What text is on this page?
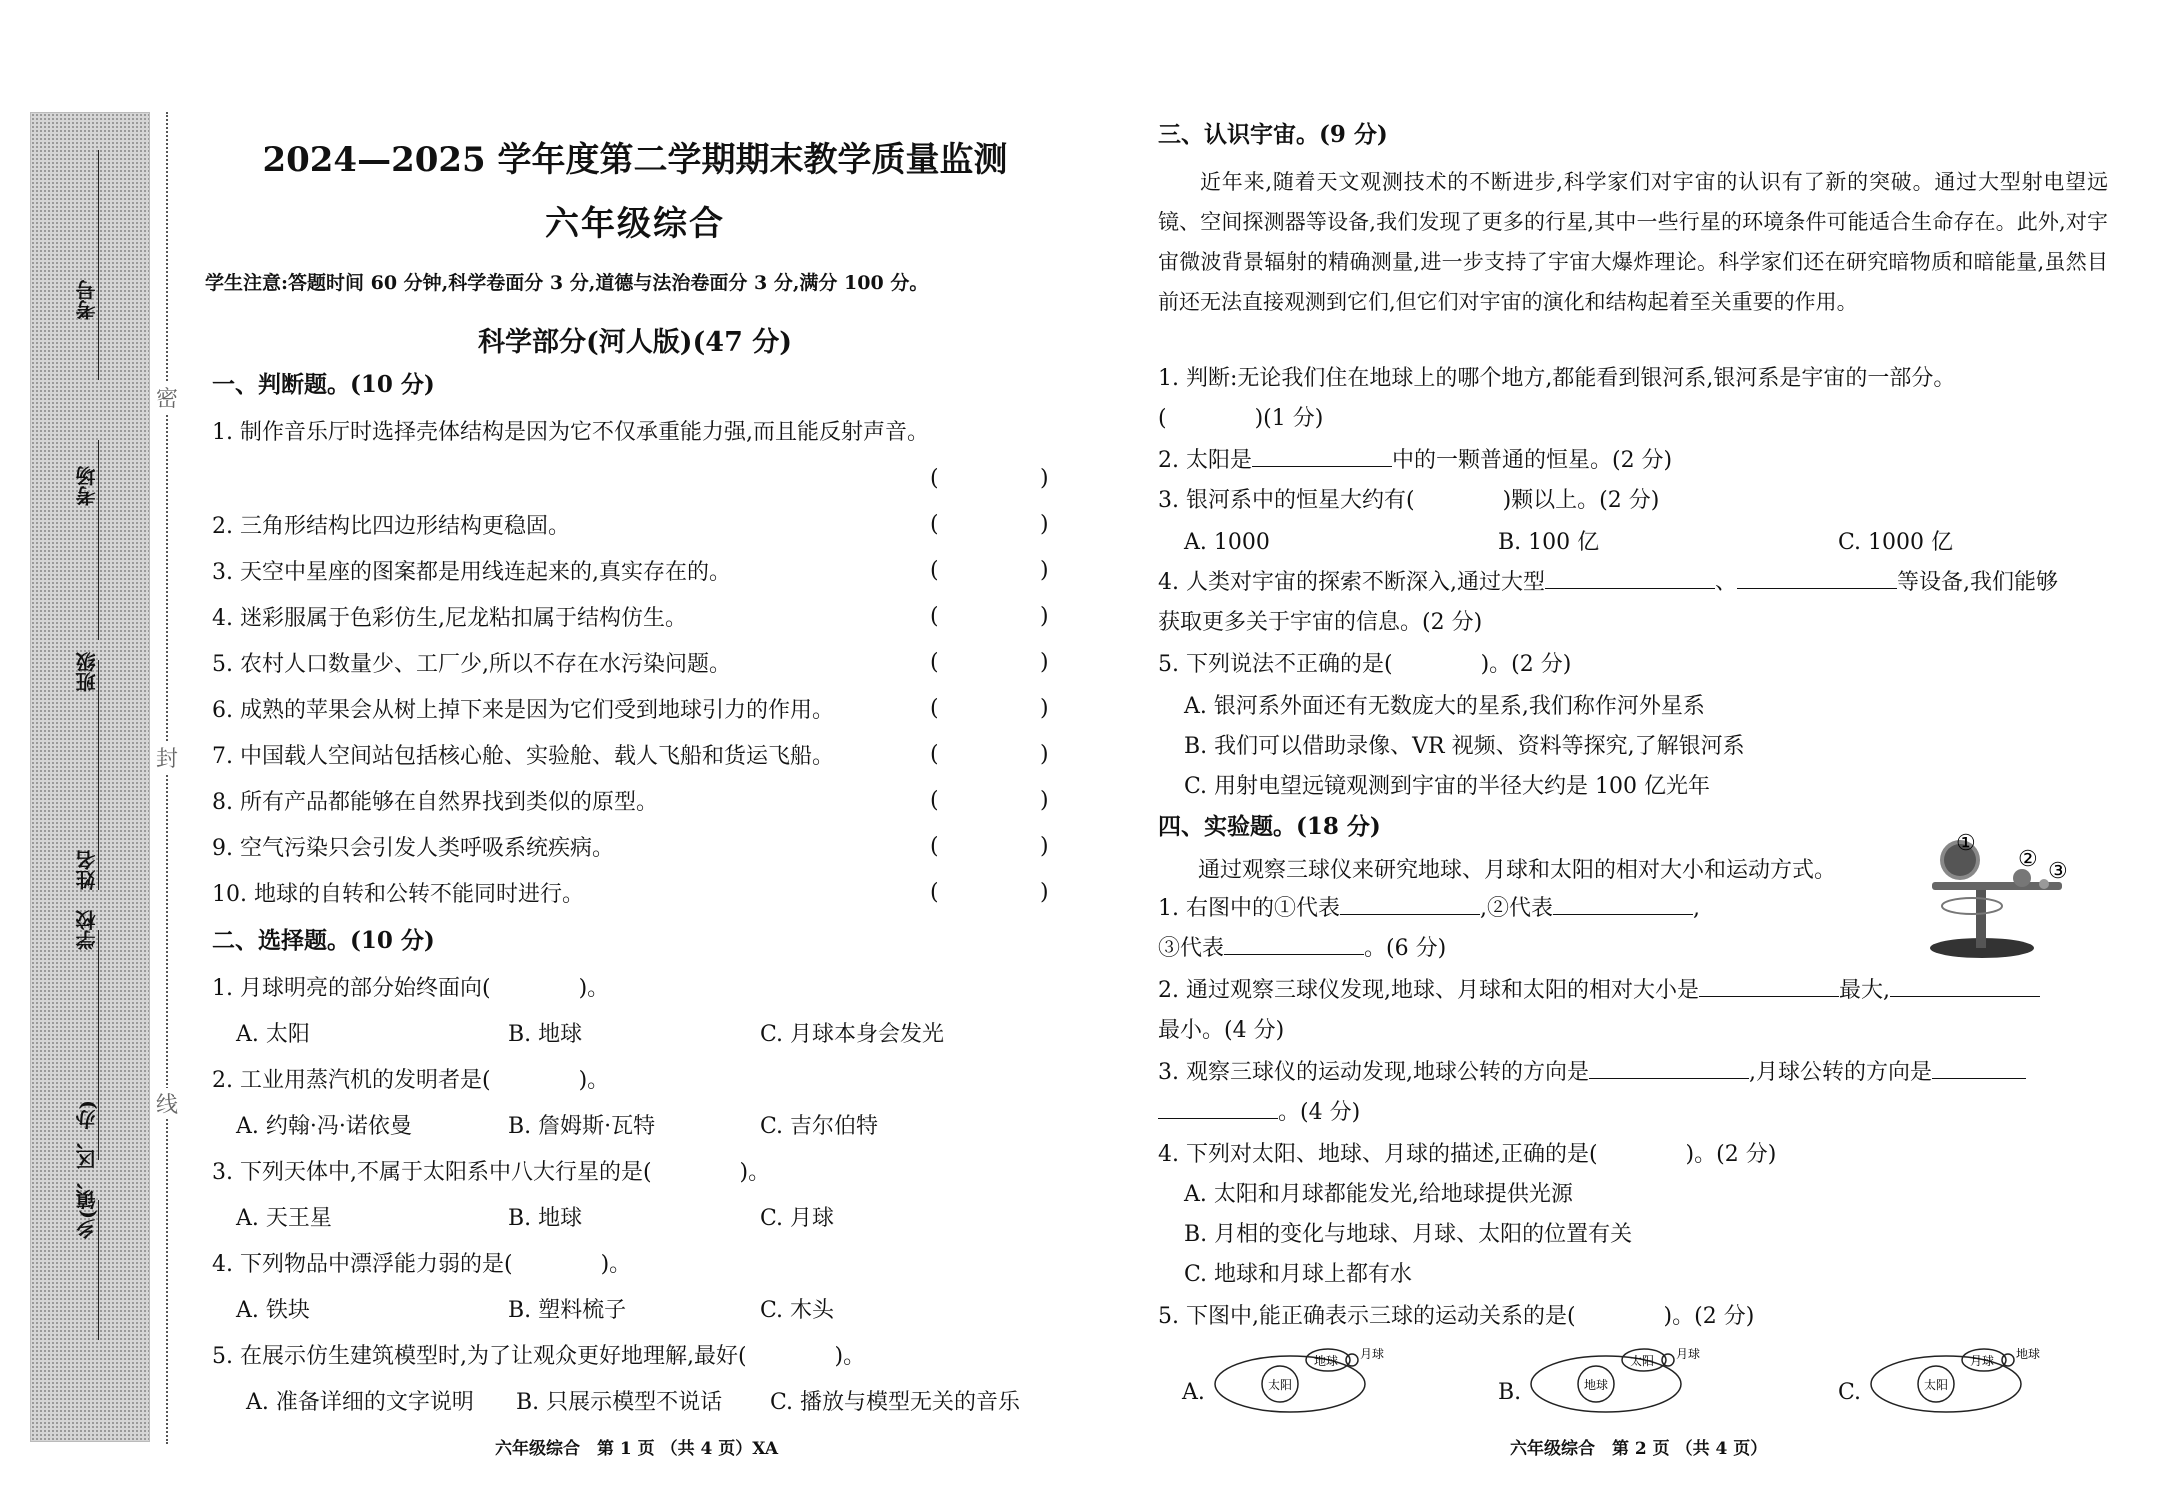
考号
考场
班级
学校　姓名
乡(镇、区、办)
密
封
线
2024—2025 学年度第二学期期末教学质量监测
六年级综合
学生注意:答题时间 60 分钟,科学卷面分 3 分,道德与法治卷面分 3 分,满分 100 分。
科学部分(河人版)(47 分)
一、判断题。(10 分)
1. 制作音乐厅时选择壳体结构是因为它不仅承重能力强,而且能反射声音。
(	)
2. 三角形结构比四边形结构更稳固。	(	)
3. 天空中星座的图案都是用线连起来的,真实存在的。	(	)
4. 迷彩服属于色彩仿生,尼龙粘扣属于结构仿生。	(	)
5. 农村人口数量少、工厂少,所以不存在水污染问题。	(	)
6. 成熟的苹果会从树上掉下来是因为它们受到地球引力的作用。	(	)
7. 中国载人空间站包括核心舱、实验舱、载人飞船和货运飞船。	(	)
8. 所有产品都能够在自然界找到类似的原型。	(	)
9. 空气污染只会引发人类呼吸系统疾病。	(	)
10. 地球的自转和公转不能同时进行。	(	)
二、选择题。(10 分)
1. 月球明亮的部分始终面向(　　　　)。
A. 太阳	B. 地球	C. 月球本身会发光
2. 工业用蒸汽机的发明者是(　　　　)。
A. 约翰·冯·诺依曼	B. 詹姆斯·瓦特	C. 吉尔伯特
3. 下列天体中,不属于太阳系中八大行星的是(　　　　)。
A. 天王星	B. 地球	C. 月球
4. 下列物品中漂浮能力弱的是(　　　　)。
A. 铁块	B. 塑料梳子	C. 木头
5. 在展示仿生建筑模型时,为了让观众更好地理解,最好(　　　　)。
A. 准备详细的文字说明 B. 只展示模型不说话 C. 播放与模型无关的音乐
六年级综合　第 1 页 （共 4 页）XA
三、认识宇宙。(9 分)
近年来,随着天文观测技术的不断进步,科学家们对宇宙的认识有了新的突破。通过大型射电望远镜、空间探测器等设备,我们发现了更多的行星,其中一些行星的环境条件可能适合生命存在。此外,对宇宙微波背景辐射的精确测量,进一步支持了宇宙大爆炸理论。科学家们还在研究暗物质和暗能量,虽然目前还无法直接观测到它们,但它们对宇宙的演化和结构起着至关重要的作用。
1. 判断:无论我们住在地球上的哪个地方,都能看到银河系,银河系是宇宙的一部分。
(　　　　)(1 分)
2. 太阳是	中的一颗普通的恒星。(2 分)
3. 银河系中的恒星大约有(　　　　)颗以上。(2 分)
A. 1000	B. 100 亿	C. 1000 亿
4. 人类对宇宙的探索不断深入,通过大型	、	等设备,我们能够
获取更多关于宇宙的信息。(2 分)
5. 下列说法不正确的是(　　　　)。(2 分)
A. 银河系外面还有无数庞大的星系,我们称作河外星系
B. 我们可以借助录像、VR 视频、资料等探究,了解银河系
C. 用射电望远镜观测到宇宙的半径大约是 100 亿光年
四、实验题。(18 分)
通过观察三球仪来研究地球、月球和太阳的相对大小和运动方式。
1. 右图中的①代表	,②代表	,
③代表	。(6 分)
①
② ③
2. 通过观察三球仪发现,地球、月球和太阳的相对大小是	最大,
最小。(4 分)
3. 观察三球仪的运动发现,地球公转的方向是	,月球公转的方向是
。(4 分)
4. 下列对太阳、地球、月球的描述,正确的是(　　　　)。(2 分)
A. 太阳和月球都能发光,给地球提供光源
B. 月相的变化与地球、月球、太阳的位置有关
C. 地球和月球上都有水
5. 下图中,能正确表示三球的运动关系的是(　　　　)。(2 分)
A.	太阳
地球 月球
B.	地球
太阳 月球
C.	太阳
月球 地球
六年级综合　第 2 页 （共 4 页）
